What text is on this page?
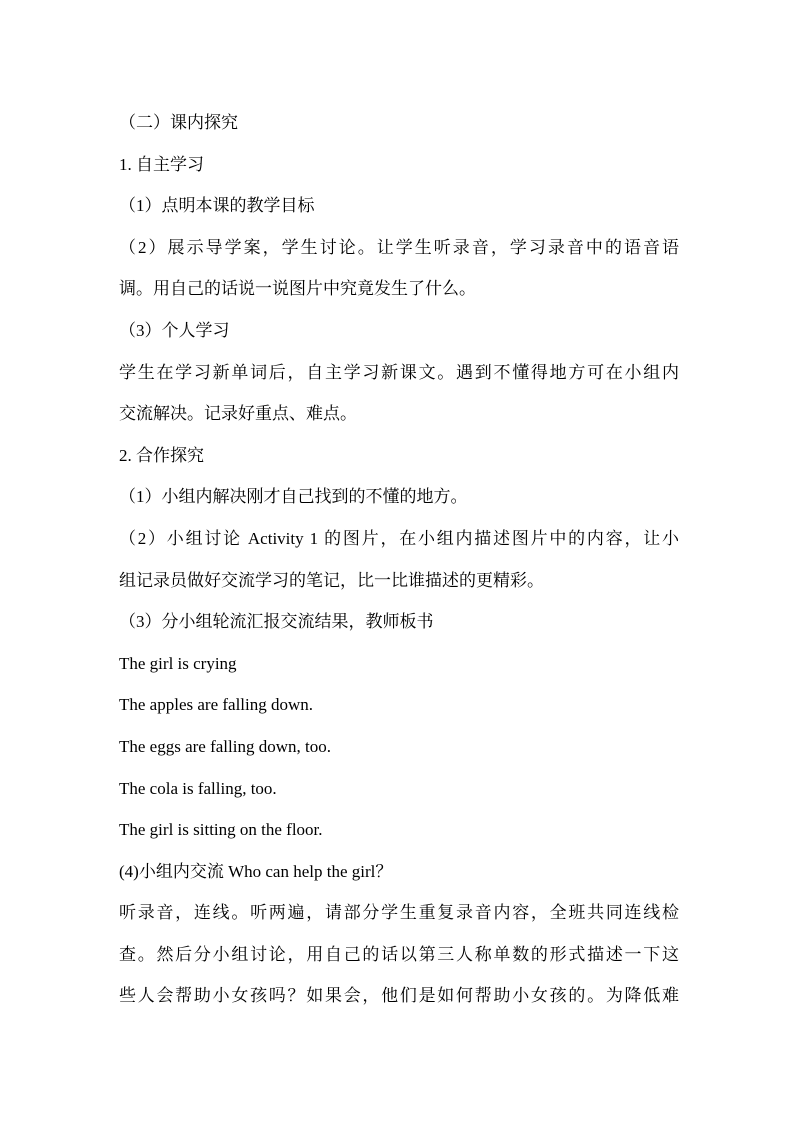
（二）课内探究
1. 自主学习
（1）点明本课的教学目标
（2）展示导学案，学生讨论。让学生听录音，学习录音中的语音语
调。用自己的话说一说图片中究竟发生了什么。
（3）个人学习
学生在学习新单词后，自主学习新课文。遇到不懂得地方可在小组内
交流解决。记录好重点、难点。
2. 合作探究
（1）小组内解决刚才自己找到的不懂的地方。
（2）小组讨论 Activity 1 的图片，在小组内描述图片中的内容，让小
组记录员做好交流学习的笔记，比一比谁描述的更精彩。
（3）分小组轮流汇报交流结果，教师板书
The girl is crying
The apples are falling down.
The eggs are falling down, too.
The cola is falling, too.
The girl is sitting on the floor.
(4)小组内交流 Who can help the girl？
听录音，连线。听两遍，请部分学生重复录音内容，全班共同连线检
查。然后分小组讨论，用自己的话以第三人称单数的形式描述一下这
些人会帮助小女孩吗？如果会，他们是如何帮助小女孩的。为降低难
